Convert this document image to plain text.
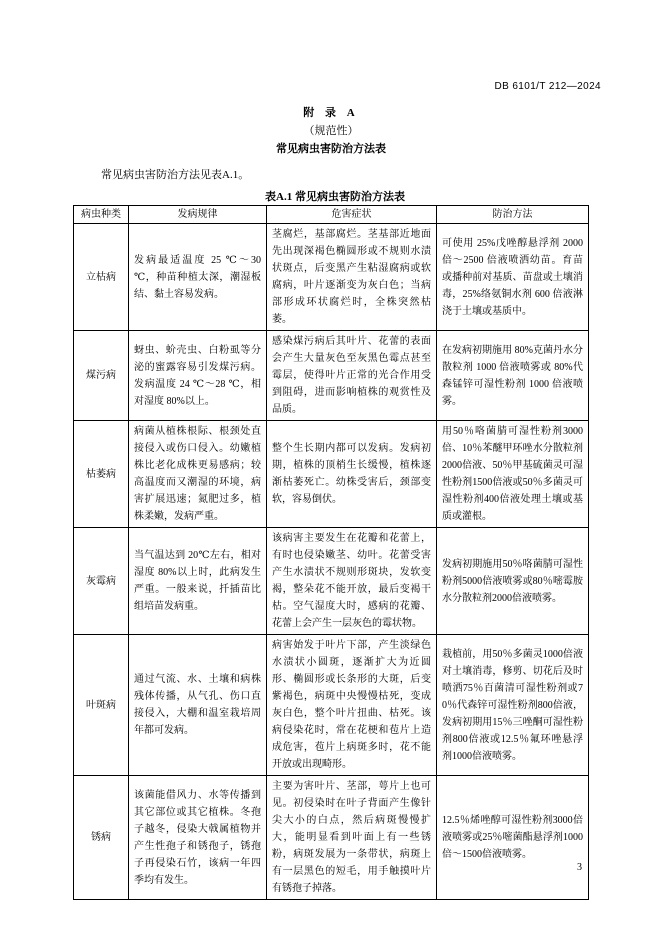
DB 6101/T 212—2024
附 录 A
（规范性）
常见病虫害防治方法表
常见病虫害防治方法见表A.1。
表A.1 常见病虫害防治方法表
病虫种类	发病规律	危害症状	防治方法
立枯病	发病最适温度 25 ℃～30 ℃，种苗种植太深，潮湿板结、黏土容易发病。	茎腐烂，基部腐烂。茎基部近地面先出现深褐色椭圆形或不规则水渍状斑点，后变黑产生粘湿腐病或软腐病，叶片逐渐变为灰白色；当病部形成环状腐烂时，全株突然枯萎。	可使用 25%戊唑醇悬浮剂 2000 倍～2500 倍液喷洒幼苗。育苗或播种前对基质、苗盘或土壤消毒，25%络氨铜水剂 600 倍液淋浇于土壤或基质中。
煤污病	蚜虫、蚧壳虫、白粉虱等分泌的蜜露容易引发煤污病。发病温度 24 ℃～28 ℃，相对湿度 80%以上。	感染煤污病后其叶片、花蕾的表面会产生大量灰色至灰黑色霉点甚至霉层，使得叶片正常的光合作用受到阻碍，进而影响植株的观赏性及品质。	在发病初期施用 80%克菌丹水分散粒剂 1000 倍液喷雾或 80%代森锰锌可湿性粉剂 1000 倍液喷雾。
枯萎病	病菌从植株根际、根颈处直接侵入或伤口侵入。幼嫩植株比老化成株更易感病；较高温度而又潮湿的环境，病害扩展迅速；氮肥过多，植株柔嫩，发病严重。	整个生长期内都可以发病。发病初期，植株的顶梢生长缓慢，植株逐渐枯萎死亡。幼株受害后，颈部变软，容易倒伏。	用50％咯菌腈可湿性粉剂3000倍、10％苯醚甲环唑水分散粒剂2000倍液、50％甲基硫菌灵可湿性粉剂1500倍液或50％多菌灵可湿性粉剂400倍液处理土壤或基质或灌根。
灰霉病	当气温达到 20℃左右，相对湿度 80%以上时，此病发生严重。一般来说，扦插苗比组培苗发病重。	该病害主要发生在花瓣和花蕾上，有时也侵染嫩茎、幼叶。花蕾受害产生水渍状不规则形斑块，发软变褐，整朵花不能开放，最后变褐干枯。空气湿度大时，感病的花瓣、花蕾上会产生一层灰色的霉状物。	发病初期施用50％咯菌腈可湿性粉剂5000倍液喷雾或80％嘧霉胺水分散粒剂2000倍液喷雾。
叶斑病	通过气流、水、土壤和病株残体传播，从气孔、伤口直接侵入，大棚和温室栽培周年都可发病。	病害始发于叶片下部，产生淡绿色水渍状小圆斑，逐渐扩大为近圆形、椭圆形或长条形的大斑，后变紫褐色，病斑中央慢慢枯死，变成灰白色，整个叶片扭曲、枯死。该病侵染花时，常在花梗和苞片上造成危害，苞片上病斑多时，花不能开放或出现畸形。	栽植前，用50％多菌灵1000倍液对土壤消毒，修剪、切花后及时喷洒75％百菌清可湿性粉剂或70％代森锌可湿性粉剂800倍液，发病初期用15％三唑酮可湿性粉剂800倍液或12.5％氟环唑悬浮剂1000倍液喷雾。
锈病	该菌能借风力、水等传播到其它部位或其它植株。冬孢子越冬，侵染大戟属植物并产生性孢子和锈孢子，锈孢子再侵染石竹，该病一年四季均有发生。	主要为害叶片、茎部，萼片上也可见。初侵染时在叶子背面产生像针尖大小的白点，然后病斑慢慢扩大，能明显看到叶面上有一些锈粉，病斑发展为一条带状，病斑上有一层黑色的短毛，用手触摸叶片有锈孢子掉落。	12.5％烯唑醇可湿性粉剂3000倍液喷雾或25％嘧菌酯悬浮剂1000倍～1500倍液喷雾。
3
